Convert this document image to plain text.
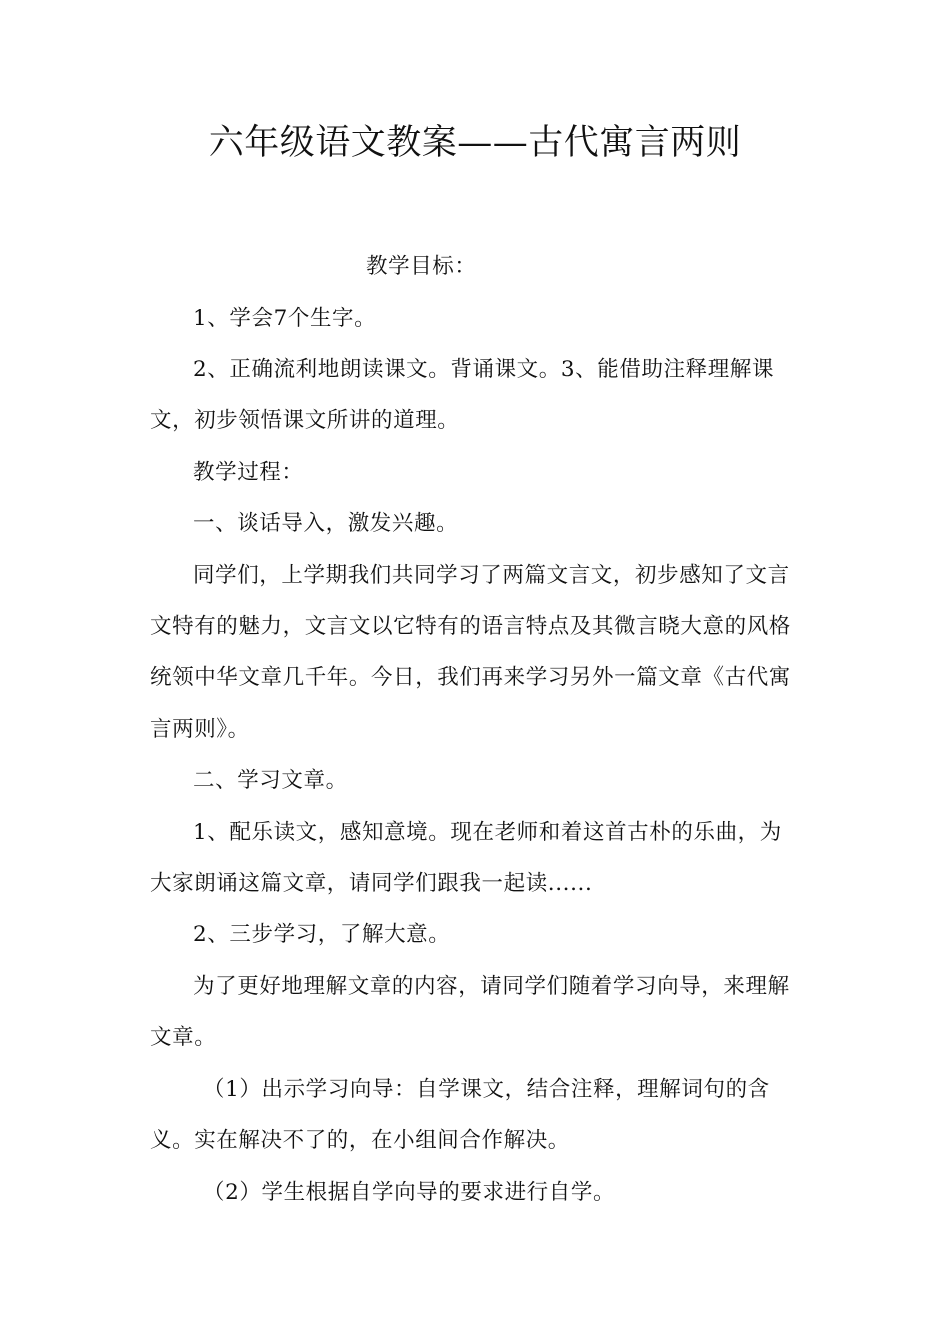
六年级语文教案——古代寓言两则
教学目标：
1、学会7个生字。
2、正确流利地朗读课文。背诵课文。3、能借助注释理解课
文，初步领悟课文所讲的道理。
教学过程：
一、谈话导入，激发兴趣。
同学们，上学期我们共同学习了两篇文言文，初步感知了文言
文特有的魅力，文言文以它特有的语言特点及其微言晓大意的风格
统领中华文章几千年。今日，我们再来学习另外一篇文章《古代寓
言两则》。
二、学习文章。
1、配乐读文，感知意境。现在老师和着这首古朴的乐曲，为
大家朗诵这篇文章，请同学们跟我一起读......
2、三步学习，了解大意。
为了更好地理解文章的内容，请同学们随着学习向导，来理解
文章。
（1）出示学习向导：自学课文，结合注释，理解词句的含
义。实在解决不了的，在小组间合作解决。
（2）学生根据自学向导的要求进行自学。
